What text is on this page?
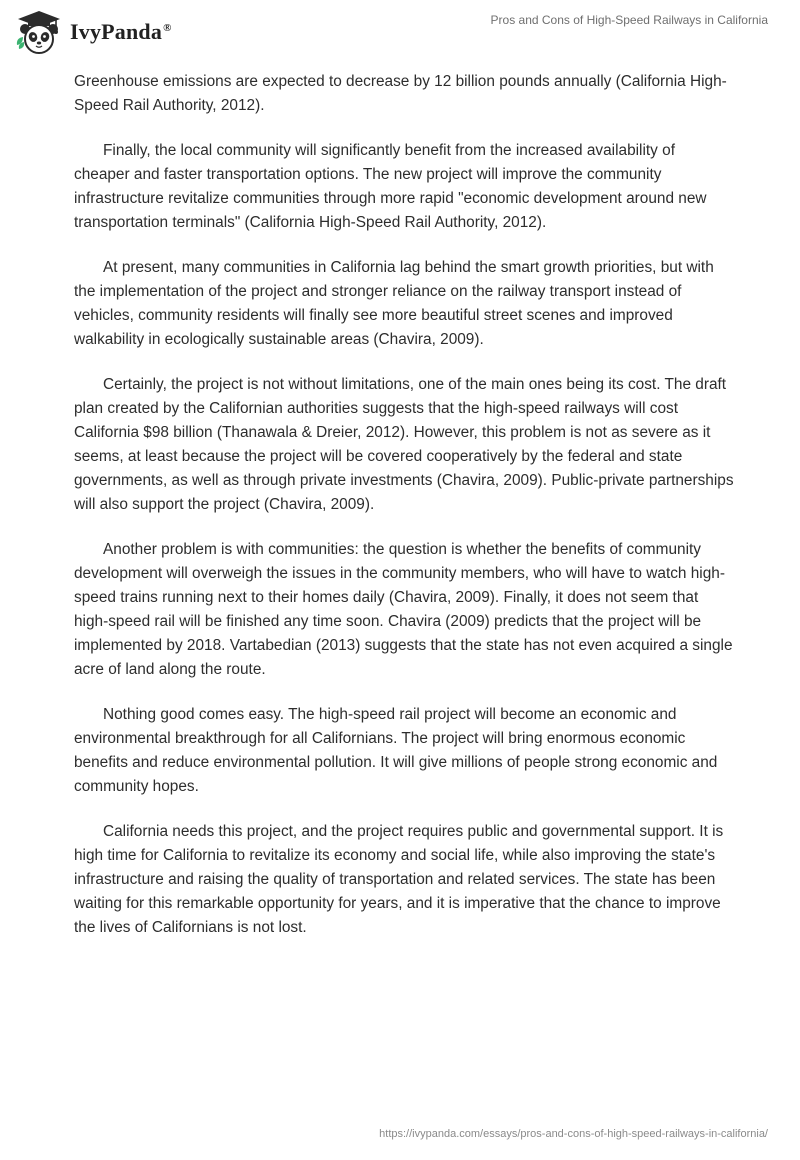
IvyPanda®
Pros and Cons of High-Speed Railways in California

Greenhouse emissions are expected to decrease by 12 billion pounds annually (California High-Speed Rail Authority, 2012).

Finally, the local community will significantly benefit from the increased availability of cheaper and faster transportation options. The new project will improve the community infrastructure revitalize communities through more rapid "economic development around new transportation terminals" (California High-Speed Rail Authority, 2012).

At present, many communities in California lag behind the smart growth priorities, but with the implementation of the project and stronger reliance on the railway transport instead of vehicles, community residents will finally see more beautiful street scenes and improved walkability in ecologically sustainable areas (Chavira, 2009).

Certainly, the project is not without limitations, one of the main ones being its cost. The draft plan created by the Californian authorities suggests that the high-speed railways will cost California $98 billion (Thanawala & Dreier, 2012). However, this problem is not as severe as it seems, at least because the project will be covered cooperatively by the federal and state governments, as well as through private investments (Chavira, 2009). Public-private partnerships will also support the project (Chavira, 2009).

Another problem is with communities: the question is whether the benefits of community development will overweigh the issues in the community members, who will have to watch high-speed trains running next to their homes daily (Chavira, 2009). Finally, it does not seem that high-speed rail will be finished any time soon. Chavira (2009) predicts that the project will be implemented by 2018. Vartabedian (2013) suggests that the state has not even acquired a single acre of land along the route.

Nothing good comes easy. The high-speed rail project will become an economic and environmental breakthrough for all Californians. The project will bring enormous economic benefits and reduce environmental pollution. It will give millions of people strong economic and community hopes.

California needs this project, and the project requires public and governmental support. It is high time for California to revitalize its economy and social life, while also improving the state's infrastructure and raising the quality of transportation and related services. The state has been waiting for this remarkable opportunity for years, and it is imperative that the chance to improve the lives of Californians is not lost.

https://ivypanda.com/essays/pros-and-cons-of-high-speed-railways-in-california/
